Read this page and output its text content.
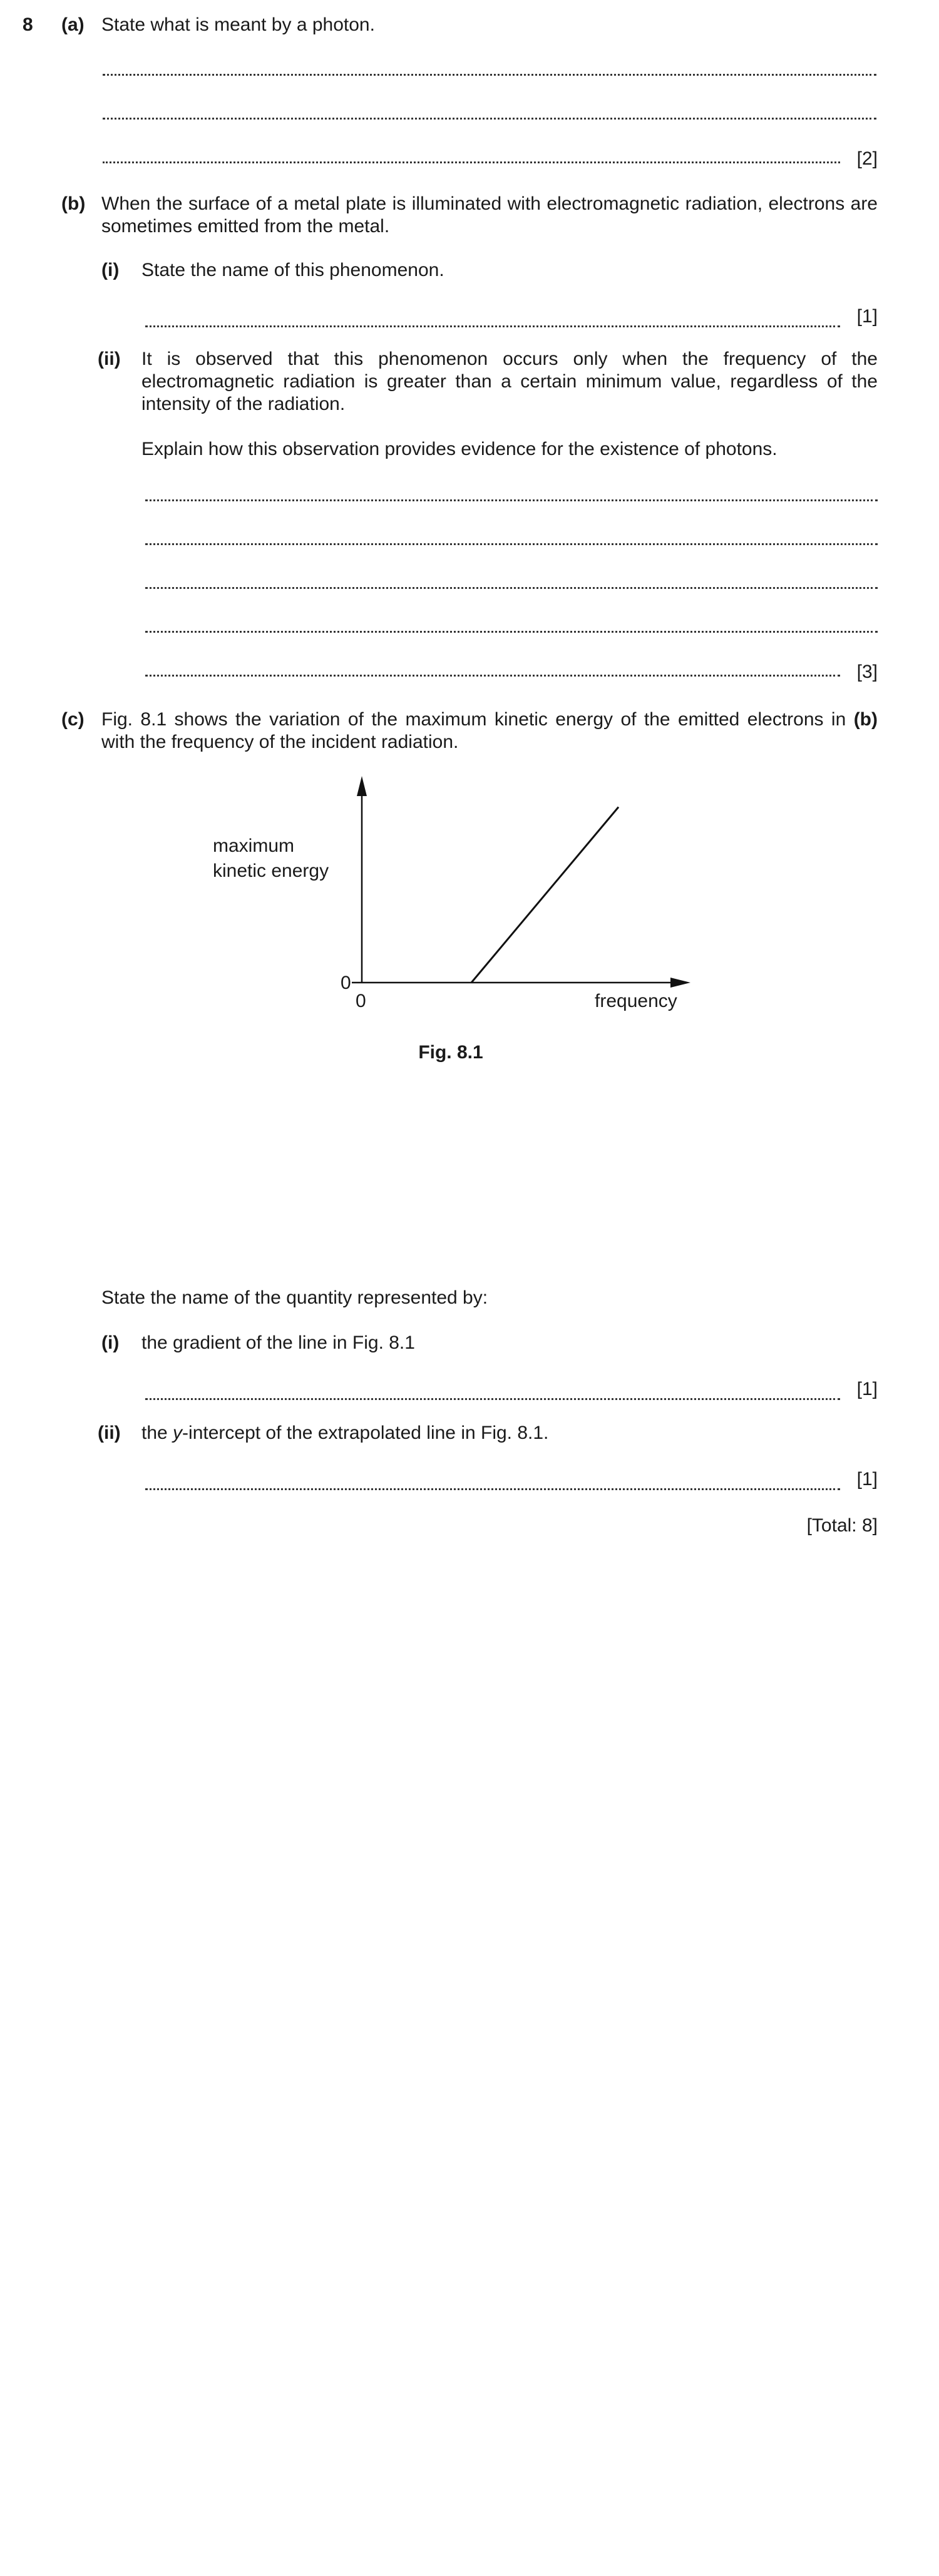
8 (a) State what is meant by a photon.
[2]
(b) When the surface of a metal plate is illuminated with electromagnetic radiation, electrons are sometimes emitted from the metal.
(i) State the name of this phenomenon.
[1]
(ii) It is observed that this phenomenon occurs only when the frequency of the electromagnetic radiation is greater than a certain minimum value, regardless of the intensity of the radiation.
Explain how this observation provides evidence for the existence of photons.
[3]
(c) Fig. 8.1 shows the variation of the maximum kinetic energy of the emitted electrons in (b) with the frequency of the incident radiation.
maximum
kinetic energy
0
0	frequency
Fig. 8.1
State the name of the quantity represented by:
(i) the gradient of the line in Fig. 8.1
[1]
(ii) the y-intercept of the extrapolated line in Fig. 8.1.
[1]
[Total: 8]
